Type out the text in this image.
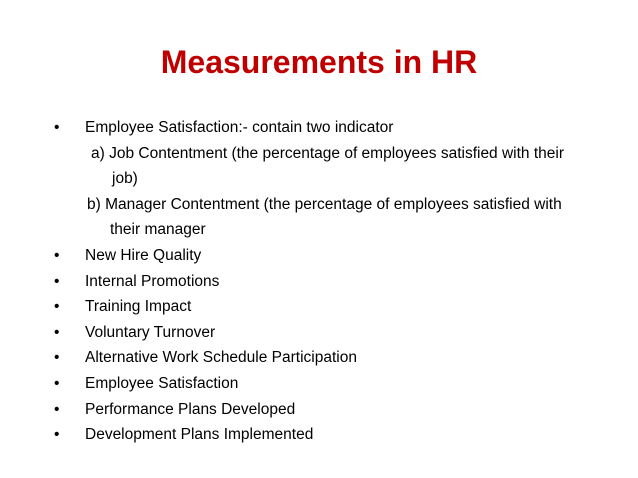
Measurements in HR
•	Employee Satisfaction:- contain two indicator
a) Job Contentment (the percentage of employees satisfied with their
job)
b) Manager Contentment (the percentage of employees satisfied with
their manager
•	New Hire Quality
•	Internal Promotions
•	Training Impact
•	Voluntary Turnover
•	Alternative Work Schedule Participation
•	Employee Satisfaction
•	Performance Plans Developed
•	Development Plans Implemented
